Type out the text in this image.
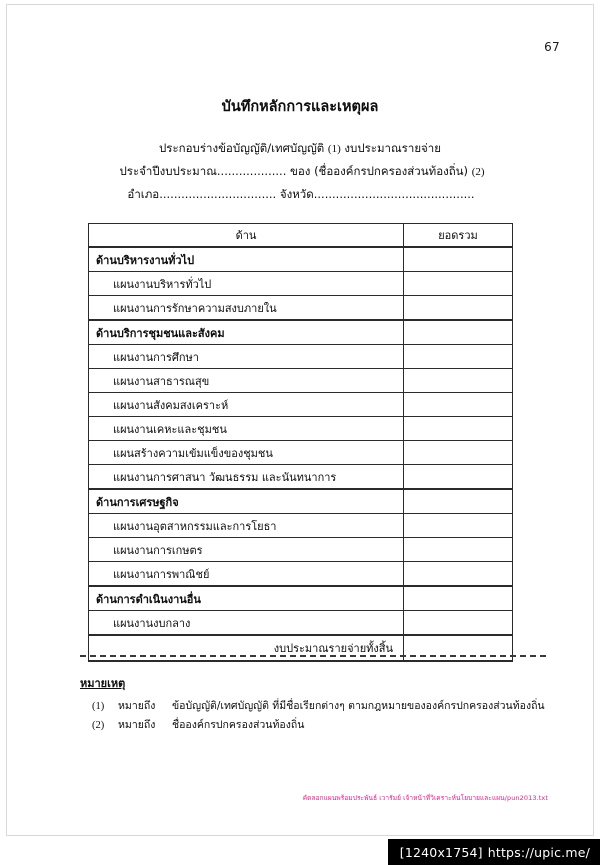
67
บันทึกหลักการและเหตุผล
ประกอบร่างข้อบัญญัติ/เทศบัญญัติ (1) งบประมาณรายจ่าย
ประจำปีงบประมาณ................... ของ (ชื่อองค์กรปกครองส่วนท้องถิ่น) (2)
อำเภอ................................ จังหวัด............................................
ด้าน	ยอดรวม

ด้านบริหารงานทั่วไป	

แผนงานบริหารทั่วไป	

แผนงานการรักษาความสงบภายใน	

ด้านบริการชุมชนและสังคม	

แผนงานการศึกษา	

แผนงานสาธารณสุข	

แผนงานสังคมสงเคราะห์	

แผนงานเคหะและชุมชน	

แผนสร้างความเข้มแข็งของชุมชน	

แผนงานการศาสนา วัฒนธรรม และนันทนาการ	

ด้านการเศรษฐกิจ	

แผนงานอุตสาหกรรมและการโยธา	

แผนงานการเกษตร	

แผนงานการพาณิชย์	

ด้านการดำเนินงานอื่น	

แผนงานงบกลาง	

งบประมาณรายจ่ายทั้งสิ้น	

หมายเหตุ
(1)	หมายถึง	ข้อบัญญัติ/เทศบัญญัติ ที่มีชื่อเรียกต่างๆ ตามกฎหมายขององค์กรปกครองส่วนท้องถิ่น
(2)	หมายถึง	ชื่อองค์กรปกครองส่วนท้องถิ่น
คัดลอกแผนพร้อมประพันธ์ เวารัมย์ เจ้าหน้าที่วิเคราะห์นโยบายและแผน/pun2013.txt
[1240x1754] https://upic.me/
